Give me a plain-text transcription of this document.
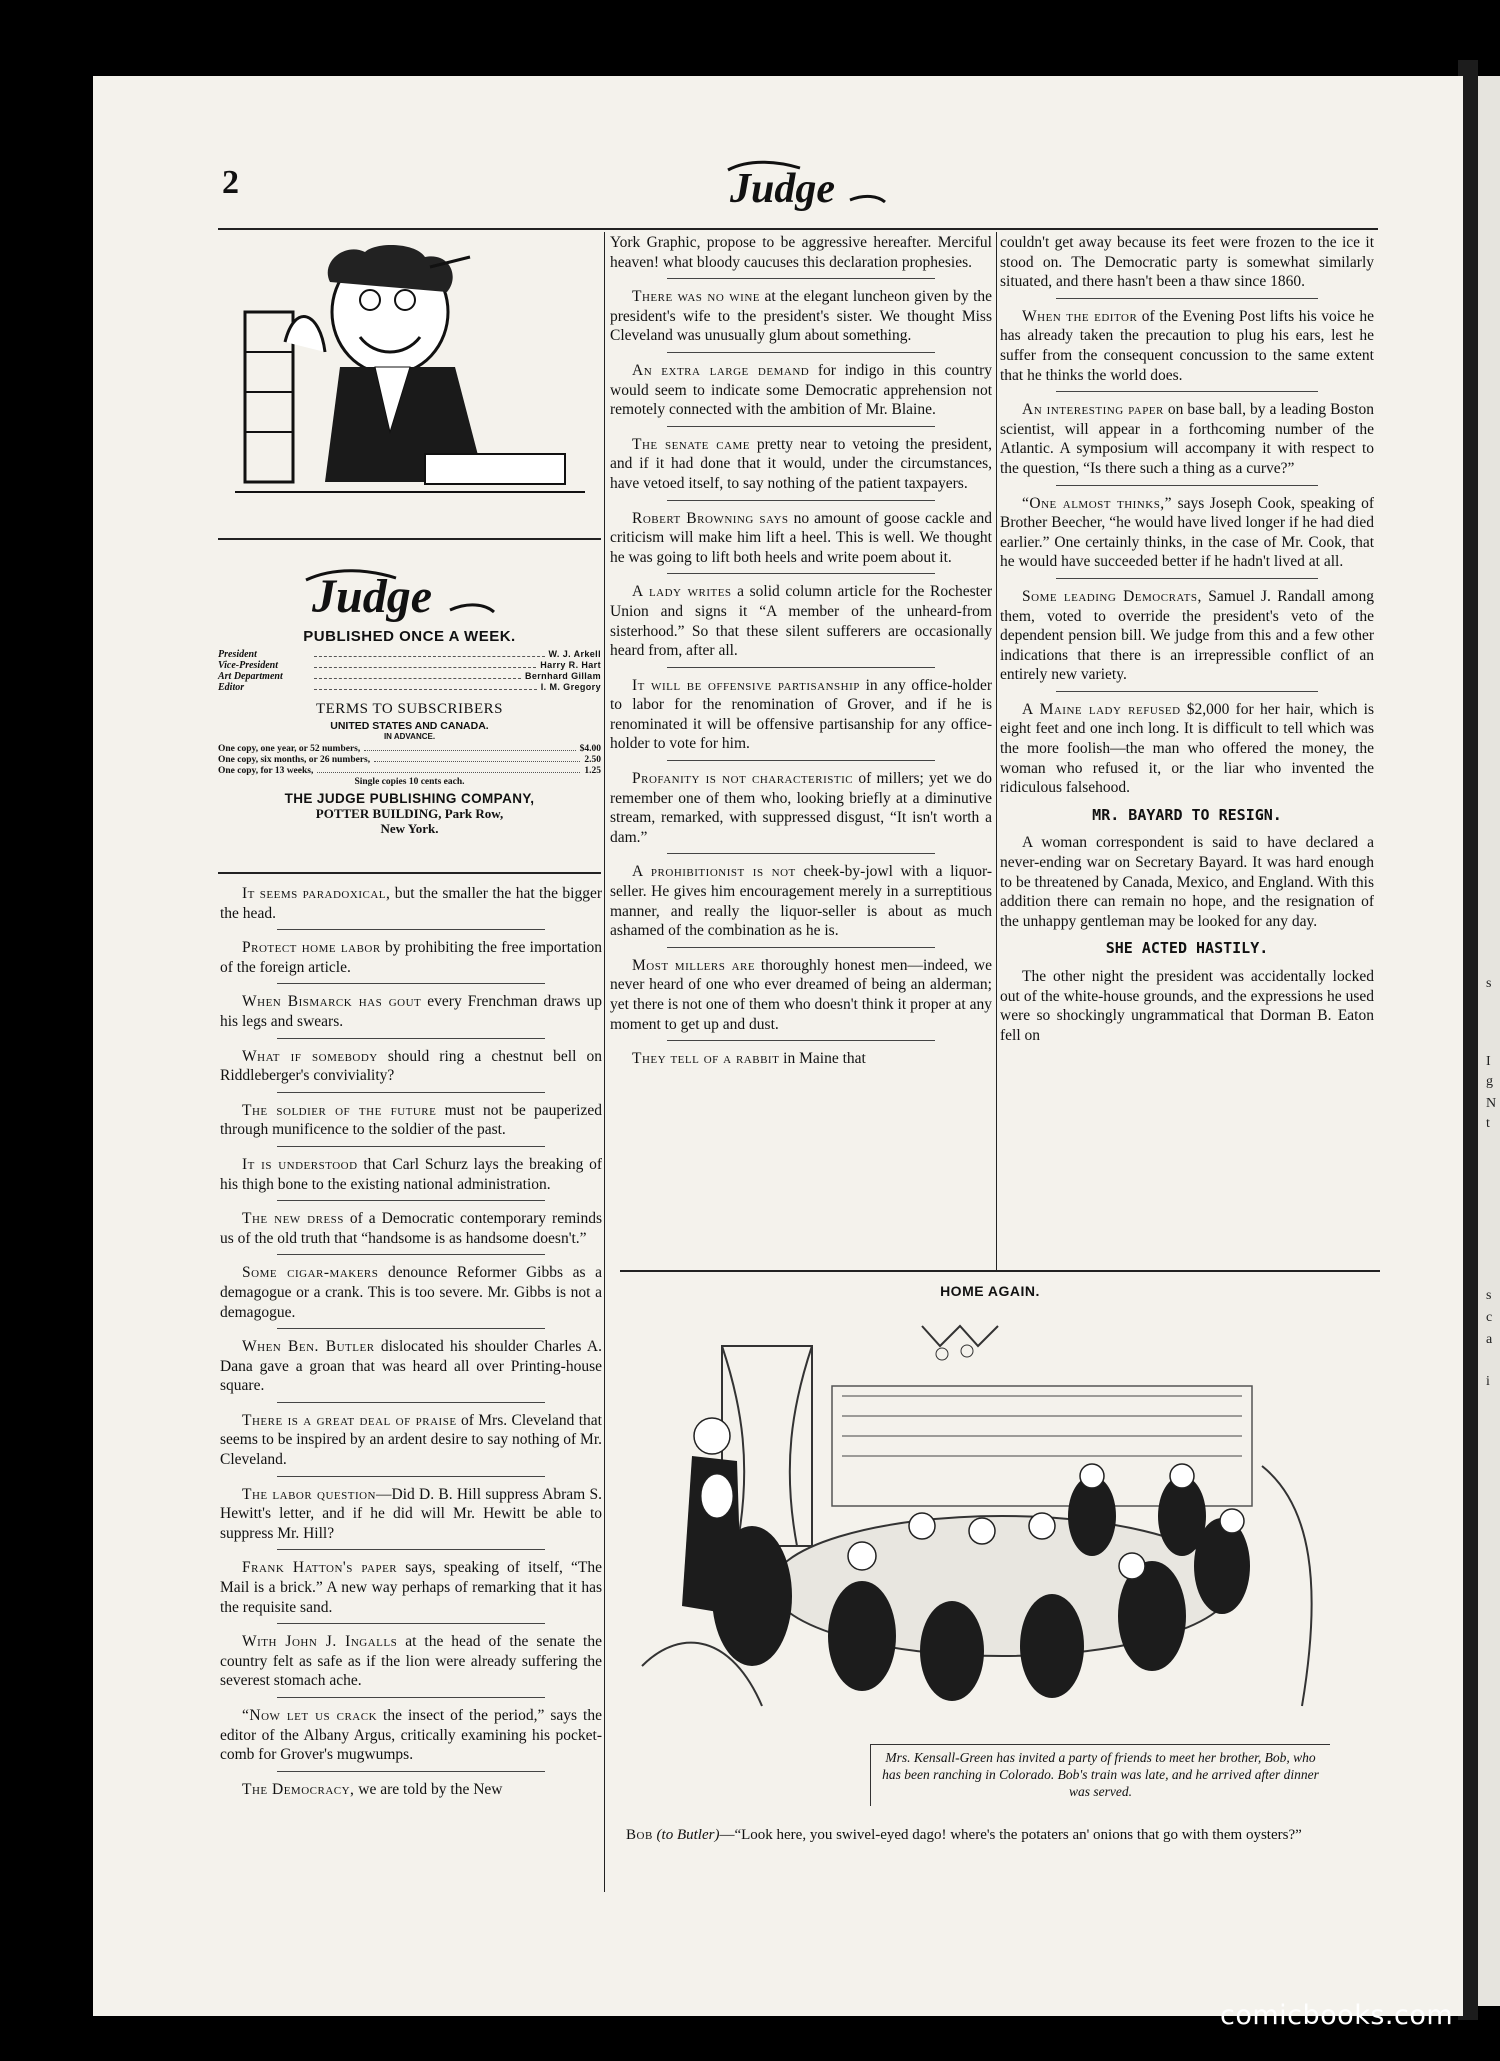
s
I
g
N
t
s
c
a
i
2	Judge
Judge
PUBLISHED ONCE A WEEK.
President	W. J. Arkell
Vice-President	Harry R. Hart
Art Department	Bernhard Gillam
Editor	I. M. Gregory
TERMS TO SUBSCRIBERS
UNITED STATES AND CANADA.
IN ADVANCE.
One copy, one year, or 52 numbers,	$4.00
One copy, six months, or 26 numbers,	2.50
One copy, for 13 weeks,	1.25
Single copies 10 cents each.
THE JUDGE PUBLISHING COMPANY,
POTTER BUILDING, Park Row,
New York.

It seems paradoxical, but the smaller the hat the bigger the head.

Protect home labor by prohibiting the free importation of the foreign article.

When Bismarck has gout every Frenchman draws up his legs and swears.

What if somebody should ring a chestnut bell on Riddleberger's conviviality?

The soldier of the future must not be pauperized through munificence to the soldier of the past.

It is understood that Carl Schurz lays the breaking of his thigh bone to the existing national administration.

The new dress of a Democratic contemporary reminds us of the old truth that “handsome is as handsome doesn't.”

Some cigar-makers denounce Reformer Gibbs as a demagogue or a crank. This is too severe. Mr. Gibbs is not a demagogue.

When Ben. Butler dislocated his shoulder Charles A. Dana gave a groan that was heard all over Printing-house square.

There is a great deal of praise of Mrs. Cleveland that seems to be inspired by an ardent desire to say nothing of Mr. Cleveland.

The labor question—Did D. B. Hill suppress Abram S. Hewitt's letter, and if he did will Mr. Hewitt be able to suppress Mr. Hill?

Frank Hatton's paper says, speaking of itself, “The Mail is a brick.” A new way perhaps of remarking that it has the requisite sand.

With John J. Ingalls at the head of the senate the country felt as safe as if the lion were already suffering the severest stomach ache.

“Now let us crack the insect of the period,” says the editor of the Albany Argus, critically examining his pocket-comb for Grover's mugwumps.

The Democracy, we are told by the New

York Graphic, propose to be aggressive hereafter. Merciful heaven! what bloody caucuses this declaration prophesies.

There was no wine at the elegant luncheon given by the president's wife to the president's sister. We thought Miss Cleveland was unusually glum about something.

An extra large demand for indigo in this country would seem to indicate some Democratic apprehension not remotely connected with the ambition of Mr. Blaine.

The senate came pretty near to vetoing the president, and if it had done that it would, under the circumstances, have vetoed itself, to say nothing of the patient taxpayers.

Robert Browning says no amount of goose cackle and criticism will make him lift a heel. This is well. We thought he was going to lift both heels and write poem about it.

A lady writes a solid column article for the Rochester Union and signs it “A member of the unheard-from sisterhood.” So that these silent sufferers are occasionally heard from, after all.

It will be offensive partisanship in any office-holder to labor for the renomination of Grover, and if he is renominated it will be offensive partisanship for any office-holder to vote for him.

Profanity is not characteristic of millers; yet we do remember one of them who, looking briefly at a diminutive stream, remarked, with suppressed disgust, “It isn't worth a dam.”

A prohibitionist is not cheek-by-jowl with a liquor-seller. He gives him encouragement merely in a surreptitious manner, and really the liquor-seller is about as much ashamed of the combination as he is.

Most millers are thoroughly honest men—indeed, we never heard of one who ever dreamed of being an alderman; yet there is not one of them who doesn't think it proper at any moment to get up and dust.

They tell of a rabbit in Maine that

couldn't get away because its feet were frozen to the ice it stood on. The Democratic party is somewhat similarly situated, and there hasn't been a thaw since 1860.

When the editor of the Evening Post lifts his voice he has already taken the precaution to plug his ears, lest he suffer from the consequent concussion to the same extent that he thinks the world does.

An interesting paper on base ball, by a leading Boston scientist, will appear in a forthcoming number of the Atlantic. A symposium will accompany it with respect to the question, “Is there such a thing as a curve?”

“One almost thinks,” says Joseph Cook, speaking of Brother Beecher, “he would have lived longer if he had died earlier.” One certainly thinks, in the case of Mr. Cook, that he would have succeeded better if he hadn't lived at all.

Some leading Democrats, Samuel J. Randall among them, voted to override the president's veto of the dependent pension bill. We judge from this and a few other indications that there is an irrepressible conflict of an entirely new variety.

A Maine lady refused $2,000 for her hair, which is eight feet and one inch long. It is difficult to tell which was the more foolish—the man who offered the money, the woman who refused it, or the liar who invented the ridiculous falsehood.

MR. BAYARD TO RESIGN.

A woman correspondent is said to have declared a never-ending war on Secretary Bayard. It was hard enough to be threatened by Canada, Mexico, and England. With this addition there can remain no hope, and the resignation of the unhappy gentleman may be looked for any day.

SHE ACTED HASTILY.

The other night the president was accidentally locked out of the white-house grounds, and the expressions he used were so shockingly ungrammatical that Dorman B. Eaton fell on

HOME AGAIN.
Mrs. Kensall-Green has invited a party of friends to meet her brother, Bob, who has been ranching in Colorado. Bob's train was late, and he arrived after dinner was served.
Bob (to Butler)—“Look here, you swivel-eyed dago! where's the potaters an' onions that go with them oysters?”
comicbooks.com
